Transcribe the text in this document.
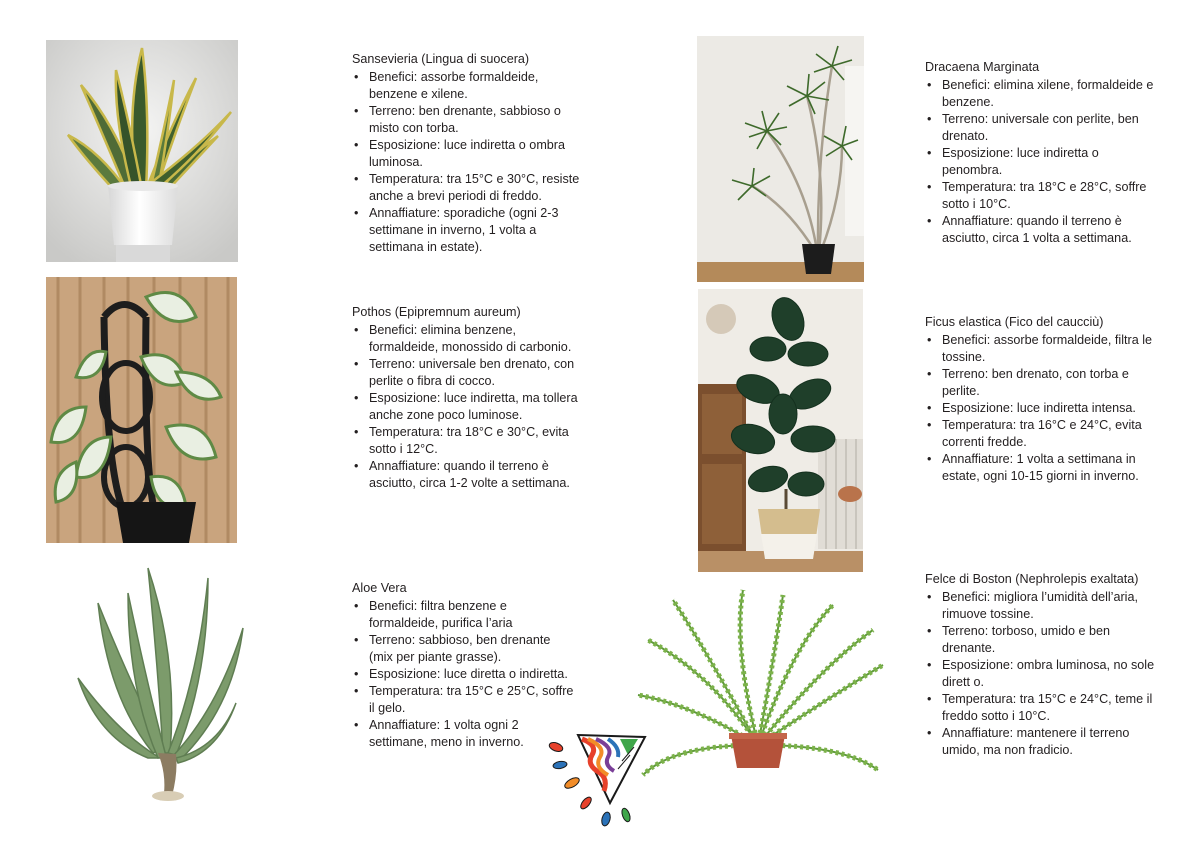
Sansevieria (Lingua di suocera)
• Benefici: assorbe formaldeide, benzene e xilene.
• Terreno: ben drenante, sabbioso o misto con torba.
• Esposizione: luce indiretta o ombra luminosa.
• Temperatura: tra 15°C e 30°C, resiste anche a brevi periodi di freddo.
• Annaffiature: sporadiche (ogni 2-3 settimane in inverno, 1 volta a settimana in estate).
Pothos (Epipremnum aureum)
• Benefici: elimina benzene, formaldeide, monossido di carbonio.
• Terreno: universale ben drenato, con perlite o fibra di cocco.
• Esposizione: luce indiretta, ma tollera anche zone poco luminose.
• Temperatura: tra 18°C e 30°C, evita sotto i 12°C.
• Annaffiature: quando il terreno è asciutto, circa 1-2 volte a settimana.
Aloe Vera
• Benefici: filtra benzene e formaldeide, purifica l’aria
• Terreno: sabbioso, ben drenante (mix per piante grasse).
• Esposizione: luce diretta o indiretta.
• Temperatura: tra 15°C e 25°C, soffre il gelo.
• Annaffiature: 1 volta ogni 2 settimane, meno in inverno.
Dracaena Marginata
• Benefici: elimina xilene, formaldeide e benzene.
• Terreno: universale con perlite, ben drenato.
• Esposizione: luce indiretta o penombra.
• Temperatura: tra 18°C e 28°C, soffre sotto i 10°C.
• Annaffiature: quando il terreno è asciutto, circa 1 volta a settimana.
Ficus elastica (Fico del caucciù)
• Benefici: assorbe formaldeide, filtra le tossine.
• Terreno: ben drenato, con torba e perlite.
• Esposizione: luce indiretta intensa.
• Temperatura: tra 16°C e 24°C, evita correnti fredde.
• Annaffiature: 1 volta a settimana in estate, ogni 10-15 giorni in inverno.
Felce di Boston (Nephrolepis exaltata)
• Benefici: migliora l’umidità dell’aria, rimuove tossine.
• Terreno: torboso, umido e ben drenante.
• Esposizione: ombra luminosa, no sole dirett o.
• Temperatura: tra 15°C e 24°C, teme il freddo sotto i 10°C.
• Annaffiature: mantenere il terreno umido, ma non fradicio.
